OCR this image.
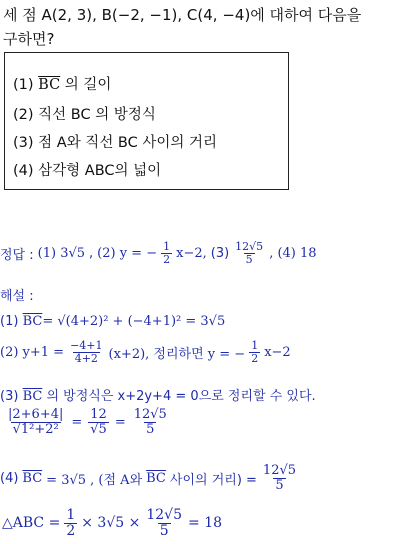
세 점 A(2, 3), B(−2, −1), C(4, −4)에 대하여 다음을
구하면?
(1) $\overline{BC}$ 의 길이
(2) 직선 BC 의 방정식
(3) 점 A와 직선 BC 사이의 거리
(4) 삼각형 ABC의 넓이
정답 : (1) 3√5 , (2) y = − $\frac{1}{2} x-2$, $(3) \frac{12√5}{5}$ , (4) 18
해설 :
(1) $\overline{BC}= √(4+2)^2 + (-4+1)^2 = 3√5$
(2) $y+1 = \frac{-4+1}{4+2} (x+2)$, 정리하면 y = − $\frac{1}{2} x-2$
(3) $\overline{BC}$ 의 방정식은 x+2y+4 = 0으로 정리할 수 있다.
$\frac{|2+6+4|}{\text{√1²+2²}} = \frac{12}{√5} = \frac{12√5}{5}$
(4) $\overline{BC} = 3√5$ , (점 A와 $\overline{BC}$ 사이의 거리) = $\frac{12√5}{5}$
△ABC = $\frac{1}{2} \times 3√5 \times \frac{12√5}{5} = 18$
